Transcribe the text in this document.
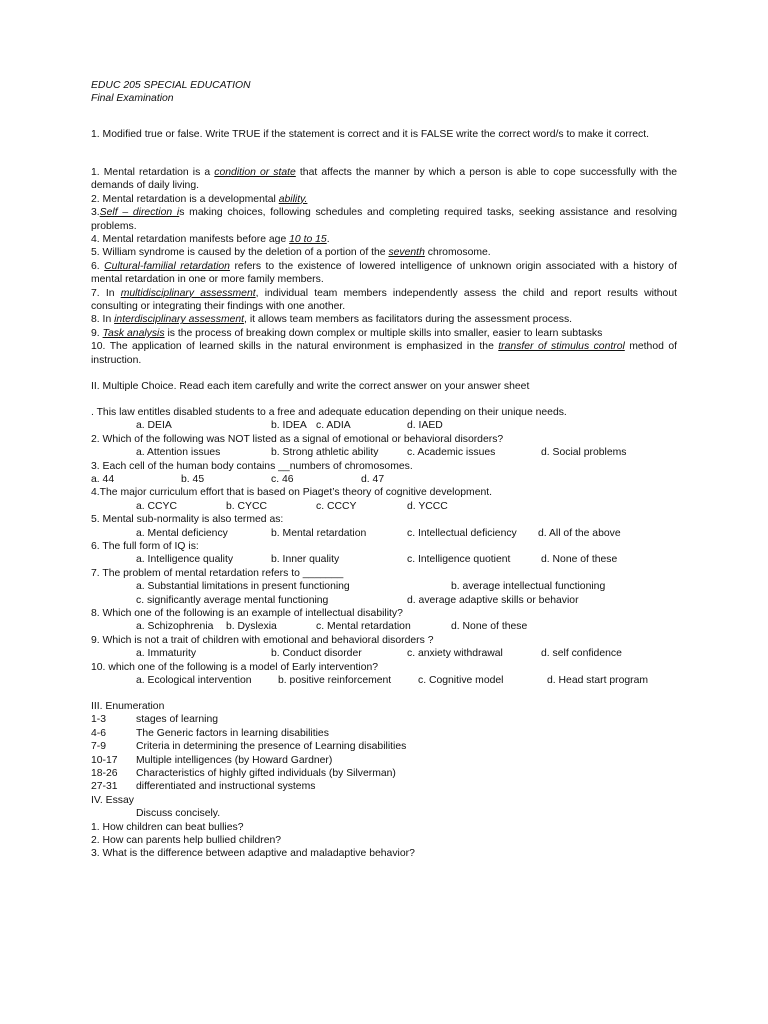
EDUC 205 SPECIAL EDUCATION
Final Examination
1. Modified true or false. Write TRUE if the statement is correct and it is FALSE write the correct word/s to make it correct.
1. Mental retardation is a condition or state that affects the manner by which a person is able to cope successfully with the demands of daily living.
2. Mental retardation is a developmental ability.
3.Self – direction is making choices, following schedules and completing required tasks, seeking assistance and resolving problems.
4. Mental retardation manifests before age 10 to 15.
5. William syndrome is caused by the deletion of a portion of the seventh chromosome.
6. Cultural-familial retardation refers to the existence of lowered intelligence of unknown origin associated with a history of mental retardation in one or more family members.
7. In multidisciplinary assessment, individual team members independently assess the child and report results without consulting or integrating their findings with one another.
8. In interdisciplinary assessment, it allows team members as facilitators during the assessment process.
9. Task analysis is the process of breaking down complex or multiple skills into smaller, easier to learn subtasks
10. The application of learned skills in the natural environment is emphasized in the transfer of stimulus control method of instruction.
II. Multiple Choice. Read each item carefully and write the correct answer on your answer sheet
. This law entitles disabled students to a free and adequate education depending on their unique needs.
a. DEIA	b. IDEA c. ADIA	d. IAED
2. Which of the following was NOT listed as a signal of emotional or behavioral disorders?
a. Attention issues	b. Strong athletic ability	c. Academic issues	d. Social problems
3. Each cell of the human body contains __numbers of chromosomes.
a. 44	b. 45	c. 46	d. 47
4.The major curriculum effort that is based on Piaget’s theory of cognitive development.
a. CCYC	b. CYCC	c. CCCY	d. YCCC
5. Mental sub-normality is also termed as:
a. Mental deficiency	b. Mental retardation	c. Intellectual deficiency d. All of the above
6. The full form of IQ is:
a. Intelligence quality	b. Inner quality	c. Intelligence quotient	d. None of these
7. The problem of mental retardation refers to _______
a. Substantial limitations in present functioning	b. average intellectual functioning
c. significantly average mental functioning	d. average adaptive skills or behavior
8. Which one of the following is an example of intellectual disability?
a. Schizophrenia b. Dyslexia	c. Mental retardation	d. None of these
9. Which is not a trait of children with emotional and behavioral disorders ?
a. Immaturity	b. Conduct disorder	c. anxiety withdrawal	d. self confidence
10. which one of the following is a model of Early intervention?
a. Ecological intervention	b. positive reinforcement	c. Cognitive model	d. Head start program
III. Enumeration
1-3	stages of learning
4-6	The Generic factors in learning disabilities
7-9	Criteria in determining the presence of Learning disabilities
10-17 Multiple intelligences (by Howard Gardner)
18-26 Characteristics of highly gifted individuals (by Silverman)
27-31 differentiated and instructional systems
IV. Essay
Discuss concisely.
1. How children can beat bullies?
2. How can parents help bullied children?
3. What is the difference between adaptive and maladaptive behavior?
